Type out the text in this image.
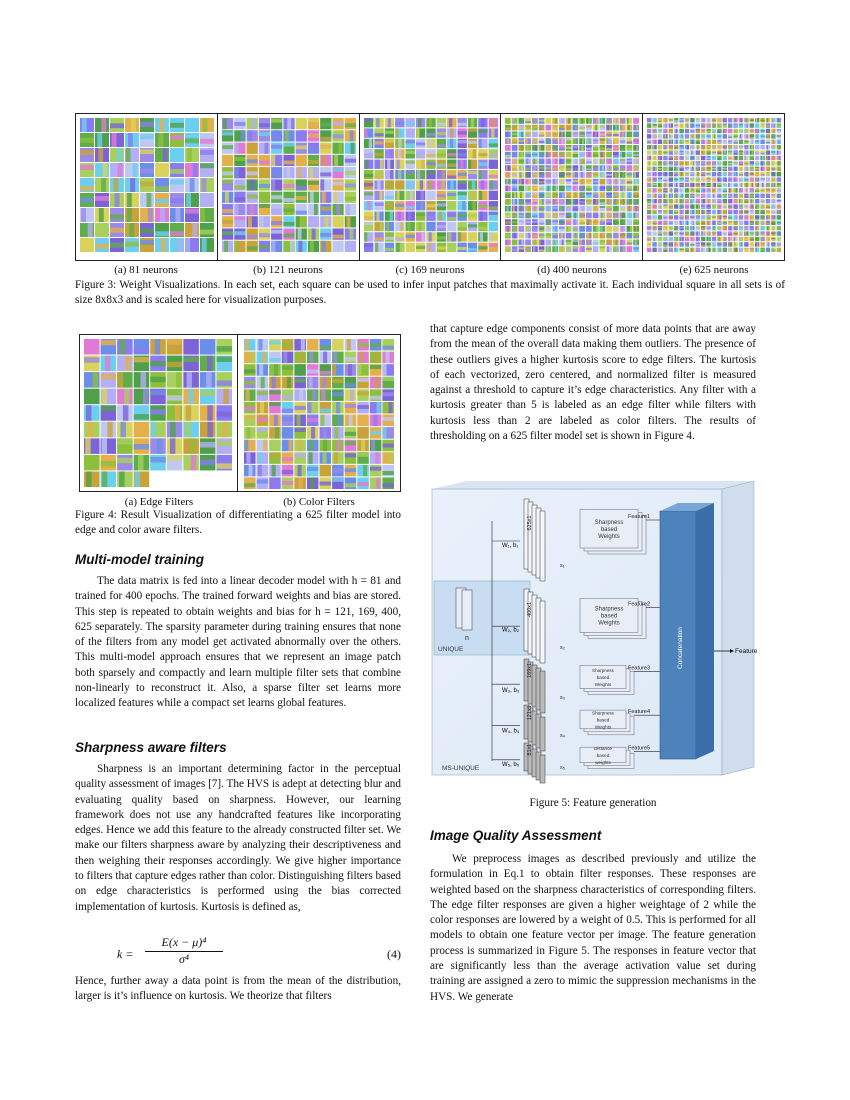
(a) 81 neurons	(b) 121 neurons	(c) 169 neurons	(d) 400 neurons	(e) 625 neurons
Figure 3: Weight Visualizations. In each set, each square can be used to infer input patches that maximally activate it. Each individual square in all sets is of size 8x8x3 and is scaled here for visualization purposes.
(a) Edge Filters	(b) Color Filters
Figure 4: Result Visualization of differentiating a 625 filter model into edge and color aware filters.
Multi-model training

The data matrix is fed into a linear decoder model with h = 81 and trained for 400 epochs. The trained forward weights and bias are stored. This step is repeated to obtain weights and bias for h = 121, 169, 400, 625 separately. The sparsity parameter during training ensures that none of the filters from any model get activated abnormally over the others. This multi-model approach ensures that we represent an image patch both sparsely and compactly and learn multiple filter sets that combine non-linearly to reconstruct it. Also, a sparse filter set learns more localized features while a compact set learns global features.

Sharpness aware filters

Sharpness is an important determining factor in the perceptual quality assessment of images [7]. The HVS is adept at detecting blur and evaluating quality based on sharpness. However, our learning framework does not use any handcrafted features like incorporating edges. Hence we add this feature to the already constructed filter set. We make our filters sharpness aware by analyzing their descriptiveness and then weighing their responses accordingly. We give higher importance to filters that capture edges rather than color. Distinguishing filters based on edge characteristics is performed using the bias corrected implementation of kurtosis. Kurtosis is defined as,

$k = \frac{\text{E(x − μ)⁴}}{\text{σ⁴}}$	(4)
Hence, further away a data point is from the mean of the distribution, larger is it’s influence on kurtosis. We theorize that filters
that capture edge components consist of more data points that are away from the mean of the overall data making them outliers. The presence of these outliers gives a higher kurtosis score to edge filters. The kurtosis of each vectorized, zero centered, and normalized filter is measured against a threshold to capture it’s edge characteristics. Any filter with a kurtosis greater than 5 is labeled as an edge filter while filters with kurtosis less than 2 are labeled as color filters. The results of thresholding on a 625 filter model set is shown in Figure 4.
MS-UNIQUE
UNIQUE
n
W₁, b₁
625x1	Sharpness
based
Weights
s₁
Feature1
W₂, b₂
400x1	Sharpness
based
Weights
s₂
Feature2
W₃, b₃
169x1	Sharpness
based
Weights
s₃
Feature3
W₄, b₄
121x1	Sharpness
based
Weights
s₄
Feature4
W₅, b₅
81x1	Distance
based
weights
s₅
Feature5
Concatenation	Feature
Figure 5: Feature generation
Image Quality Assessment

We preprocess images as described previously and utilize the formulation in Eq.1 to obtain filter responses. These responses are weighted based on the sharpness characteristics of corresponding filters. The edge filter responses are given a higher weightage of 2 while the color responses are lowered by a weight of 0.5. This is performed for all models to obtain one feature vector per image. The feature generation process is summarized in Figure 5. The responses in feature vector that are significantly less than the average activation value set during training are assigned a zero to mimic the suppression mechanisms in the HVS. We generate
